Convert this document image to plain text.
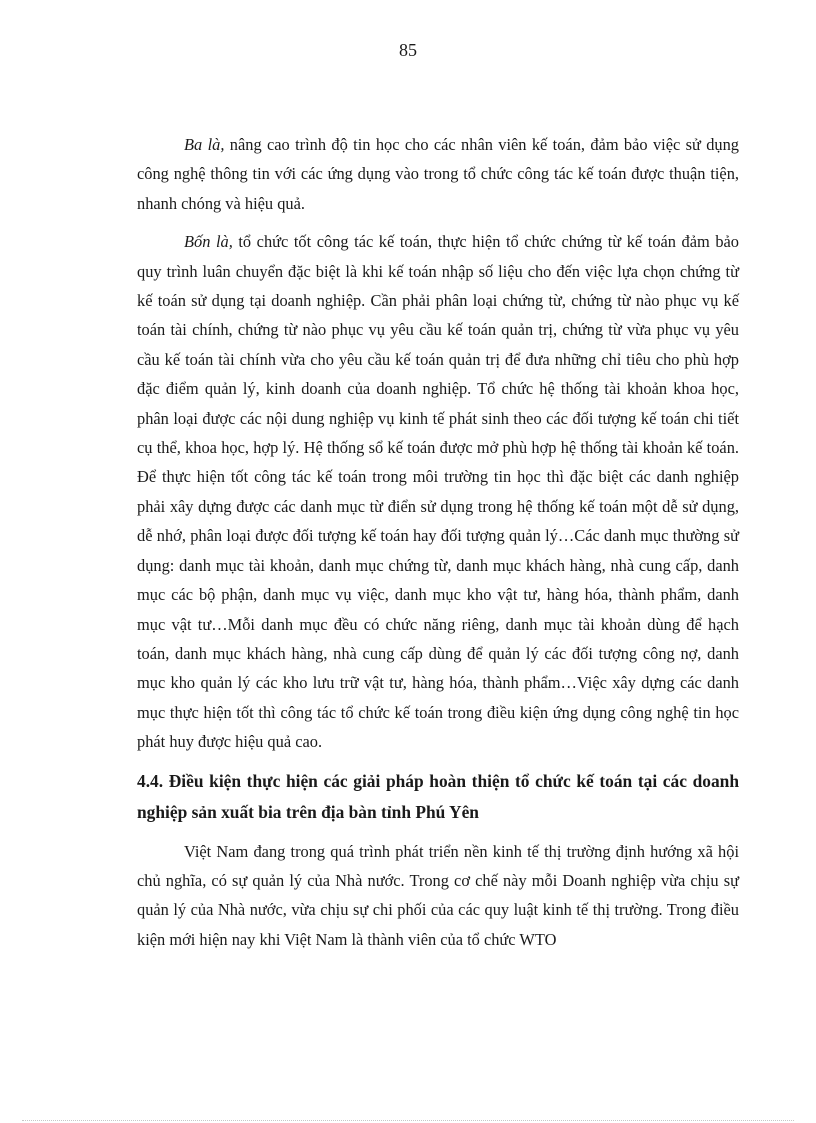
85

Ba là, nâng cao trình độ tin học cho các nhân viên kế toán, đảm bảo việc sử dụng công nghệ thông tin với các ứng dụng vào trong tổ chức công tác kế toán được thuận tiện, nhanh chóng và hiệu quả.

Bốn là, tổ chức tốt công tác kế toán, thực hiện tổ chức chứng từ kế toán đảm bảo quy trình luân chuyển đặc biệt là khi kế toán nhập số liệu cho đến việc lựa chọn chứng từ kế toán sử dụng tại doanh nghiệp. Cần phải phân loại chứng từ, chứng từ nào phục vụ kế toán tài chính, chứng từ nào phục vụ yêu cầu kế toán quản trị, chứng từ vừa phục vụ yêu cầu kế toán tài chính vừa cho yêu cầu kế toán quản trị để đưa những chỉ tiêu cho phù hợp đặc điểm quản lý, kinh doanh của doanh nghiệp. Tổ chức hệ thống tài khoản khoa học, phân loại được các nội dung nghiệp vụ kinh tế phát sinh theo các đối tượng kế toán chi tiết cụ thể, khoa học, hợp lý. Hệ thống sổ kế toán được mở phù hợp hệ thống tài khoản kế toán. Để thực hiện tốt công tác kế toán trong môi trường tin học thì đặc biệt các danh nghiệp phải xây dựng được các danh mục từ điển sử dụng trong hệ thống kế toán một dễ sử dụng, dễ nhớ, phân loại được đối tượng kế toán hay đối tượng quản lý…Các danh mục thường sử dụng: danh mục tài khoản, danh mục chứng từ, danh mục khách hàng, nhà cung cấp, danh mục các bộ phận, danh mục vụ việc, danh mục kho vật tư, hàng hóa, thành phẩm, danh mục vật tư…Mỗi danh mục đều có chức năng riêng, danh mục tài khoản dùng để hạch toán, danh mục khách hàng, nhà cung cấp dùng để quản lý các đối tượng công nợ, danh mục kho quản lý các kho lưu trữ vật tư, hàng hóa, thành phẩm…Việc xây dựng các danh mục thực hiện tốt thì công tác tổ chức kế toán trong điều kiện ứng dụng công nghệ tin học phát huy được hiệu quả cao.

4.4. Điều kiện thực hiện các giải pháp hoàn thiện tổ chức kế toán tại các doanh nghiệp sản xuất bia trên địa bàn tỉnh Phú Yên

Việt Nam đang trong quá trình phát triển nền kinh tế thị trường định hướng xã hội chủ nghĩa, có sự quản lý của Nhà nước. Trong cơ chế này mỗi Doanh nghiệp vừa chịu sự quản lý của Nhà nước, vừa chịu sự chi phối của các quy luật kinh tế thị trường. Trong điều kiện mới hiện nay khi Việt Nam là thành viên của tổ chức WTO
